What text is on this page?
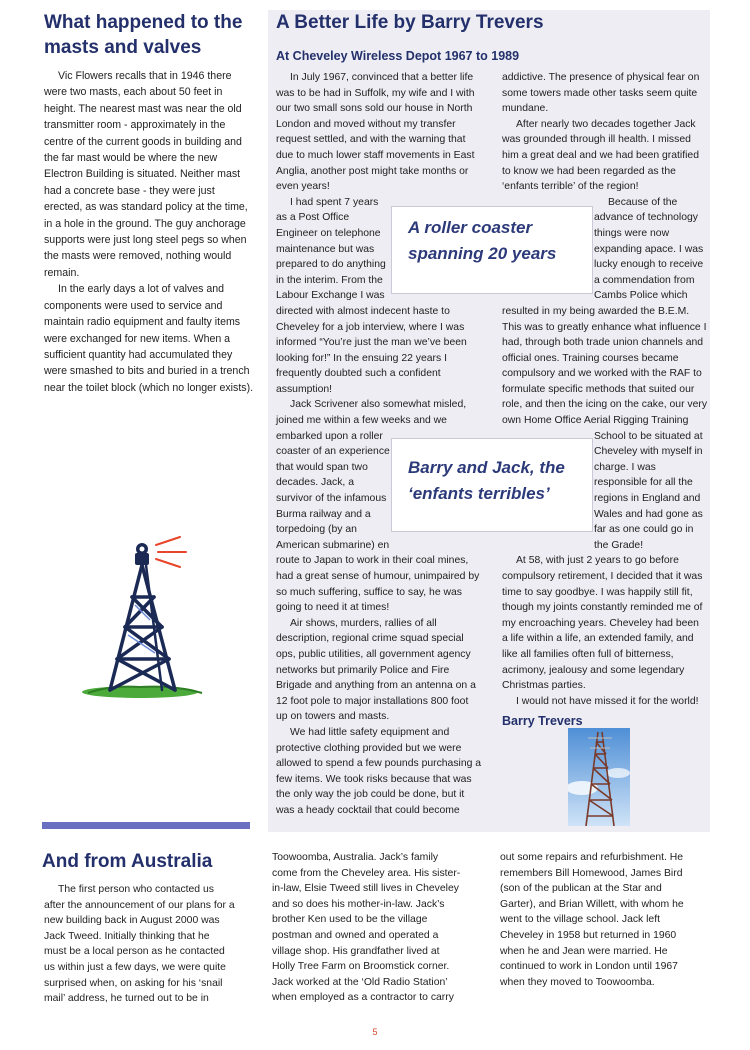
What happened to the
masts and valves

Vic Flowers recalls that in 1946 there were two masts, each about 50 feet in height. The nearest mast was near the old transmitter room - approximately in the centre of the current goods in building and the far mast would be where the new Electron Building is situated. Neither mast had a concrete base - they were just erected, as was standard policy at the time, in a hole in the ground. The guy anchorage supports were just long steel pegs so when the masts were removed, nothing would remain.

In the early days a lot of valves and components were used to service and maintain radio equipment and faulty items were exchanged for new items. When a sufficient quantity had accumulated they were smashed to bits and buried in a trench near the toilet block (which no longer exists).

A Better Life by Barry Trevers
At Cheveley Wireless Depot 1967 to 1989
In July 1967, convinced that a better life
was to be had in Suffolk, my wife and I with
our two small sons sold our house in North
London and moved without my transfer
request settled, and with the warning that
due to much lower staff movements in East
Anglia, another post might take months or
even years!
I had spent 7 years
as a Post Office
Engineer on telephone
maintenance but was
prepared to do anything
in the interim. From the
Labour Exchange I was
directed with almost indecent haste to
Cheveley for a job interview, where I was
informed “You’re just the man we’ve been
looking for!” In the ensuing 22 years I
frequently doubted such a confident
assumption!
Jack Scrivener also somewhat misled,
joined me within a few weeks and we
embarked upon a roller
coaster of an experience
that would span two
decades. Jack, a
survivor of the infamous
Burma railway and a
torpedoing (by an
American submarine) en
route to Japan to work in their coal mines,
had a great sense of humour, unimpaired by
so much suffering, suffice to say, he was
going to need it at times!
Air shows, murders, rallies of all
description, regional crime squad special
ops, public utilities, all government agency
networks but primarily Police and Fire
Brigade and anything from an antenna on a
12 foot pole to major installations 800 foot
up on towers and masts.
We had little safety equipment and
protective clothing provided but we were
allowed to spend a few pounds purchasing a
few items. We took risks because that was
the only way the job could be done, but it
was a heady cocktail that could become
addictive. The presence of physical fear on
some towers made other tasks seem quite
mundane.
After nearly two decades together Jack
was grounded through ill health. I missed
him a great deal and we had been gratified
to know we had been regarded as the
‘enfants terrible’ of the region!
Because of the
advance of technology
things were now
expanding apace. I was
lucky enough to receive
a commendation from
Cambs Police which
resulted in my being awarded the B.E.M.
This was to greatly enhance what influence I
had, through both trade union channels and
official ones. Training courses became
compulsory and we worked with the RAF to
formulate specific methods that suited our
role, and then the icing on the cake, our very
own Home Office Aerial Rigging Training
School to be situated at
Cheveley with myself in
charge. I was
responsible for all the
regions in England and
Wales and had gone as
far as one could go in
the Grade!
At 58, with just 2 years to go before
compulsory retirement, I decided that it was
time to say goodbye. I was happily still fit,
though my joints constantly reminded me of
my encroaching years. Cheveley had been
a life within a life, an extended family, and
like all families often full of bitterness,
acrimony, jealousy and some legendary
Christmas parties.
I would not have missed it for the world!
Barry Trevers
A roller coaster
spanning 20 years
Barry and Jack, the
‘enfants terribles’
And from Australia
The first person who contacted us
after the announcement of our plans for a
new building back in August 2000 was
Jack Tweed. Initially thinking that he
must be a local person as he contacted
us within just a few days, we were quite
surprised when, on asking for his ‘snail
mail’ address, he turned out to be in
Toowoomba, Australia. Jack’s family
come from the Cheveley area. His sister-
in-law, Elsie Tweed still lives in Cheveley
and so does his mother-in-law. Jack’s
brother Ken used to be the village
postman and owned and operated a
village shop. His grandfather lived at
Holly Tree Farm on Broomstick corner.
Jack worked at the ‘Old Radio Station’
when employed as a contractor to carry
out some repairs and refurbishment. He
remembers Bill Homewood, James Bird
(son of the publican at the Star and
Garter), and Brian Willett, with whom he
went to the village school. Jack left
Cheveley in 1958 but returned in 1960
when he and Jean were married. He
continued to work in London until 1967
when they moved to Toowoomba.
5
